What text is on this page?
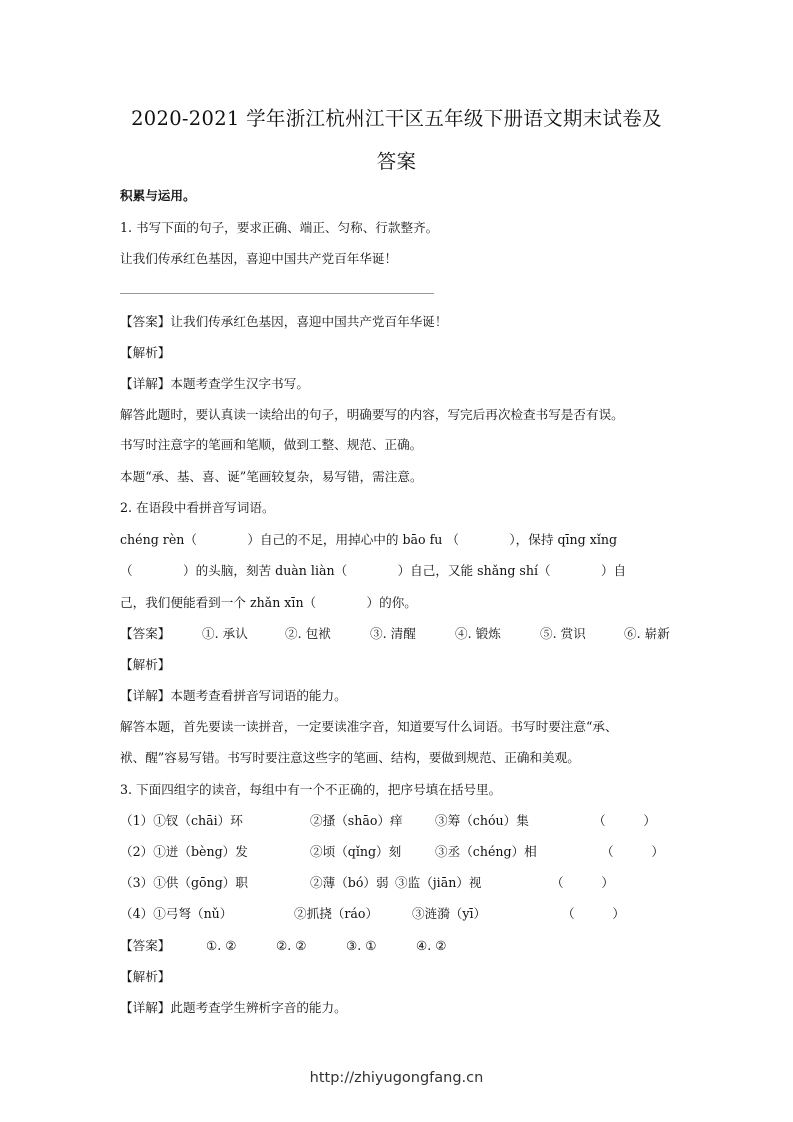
2020-2021 学年浙江杭州江干区五年级下册语文期末试卷及
答案
积累与运用。
1. 书写下面的句子，要求正确、端正、匀称、行款整齐。
让我们传承红色基因，喜迎中国共产党百年华诞！
【答案】让我们传承红色基因，喜迎中国共产党百年华诞！
【解析】
【详解】本题考查学生汉字书写。
解答此题时，要认真读一读给出的句子，明确要写的内容，写完后再次检查书写是否有误。
书写时注意字的笔画和笔顺，做到工整、规范、正确。
本题“承、基、喜、诞”笔画较复杂，易写错，需注意。
2. 在语段中看拼音写词语。
chéng rèn（　　　　）自己的不足，用掉心中的 bāo fu （　　　　），保持 qīng xǐng
（　　　　）的头脑，刻苦 duàn liàn（　　　　）自己，又能 shǎng shí（　　　　）自
己，我们便能看到一个 zhǎn xīn（　　　　）的你。
【答案】	①. 承认	②. 包袱	③. 清醒	④. 锻炼	⑤. 赏识	⑥. 崭新
【解析】
【详解】本题考查看拼音写词语的能力。
解答本题，首先要读一读拼音，一定要读准字音，知道要写什么词语。书写时要注意“承、
袱、醒”容易写错。书写时要注意这些字的笔画、结构，要做到规范、正确和美观。
3. 下面四组字的读音，每组中有一个不正确的，把序号填在括号里。
（1）①钗（chāi）环	②搔（shāo）痒	③筹（chóu）集	（　　　）
（2）①迸（bèng）发	②顷（qǐng）刻	③丞（chéng）相	（　　　）
（3）①供（gōng）职	②薄（bó）弱 ③监（jiān）视	（　　　）
（4）①弓弩（nǔ）	②抓挠（ráo）	③涟漪（yī）	（　　　）
【答案】	①. ②	②. ②	③. ①	④. ②
【解析】
【详解】此题考查学生辨析字音的能力。
http://zhiyugongfang.cn
